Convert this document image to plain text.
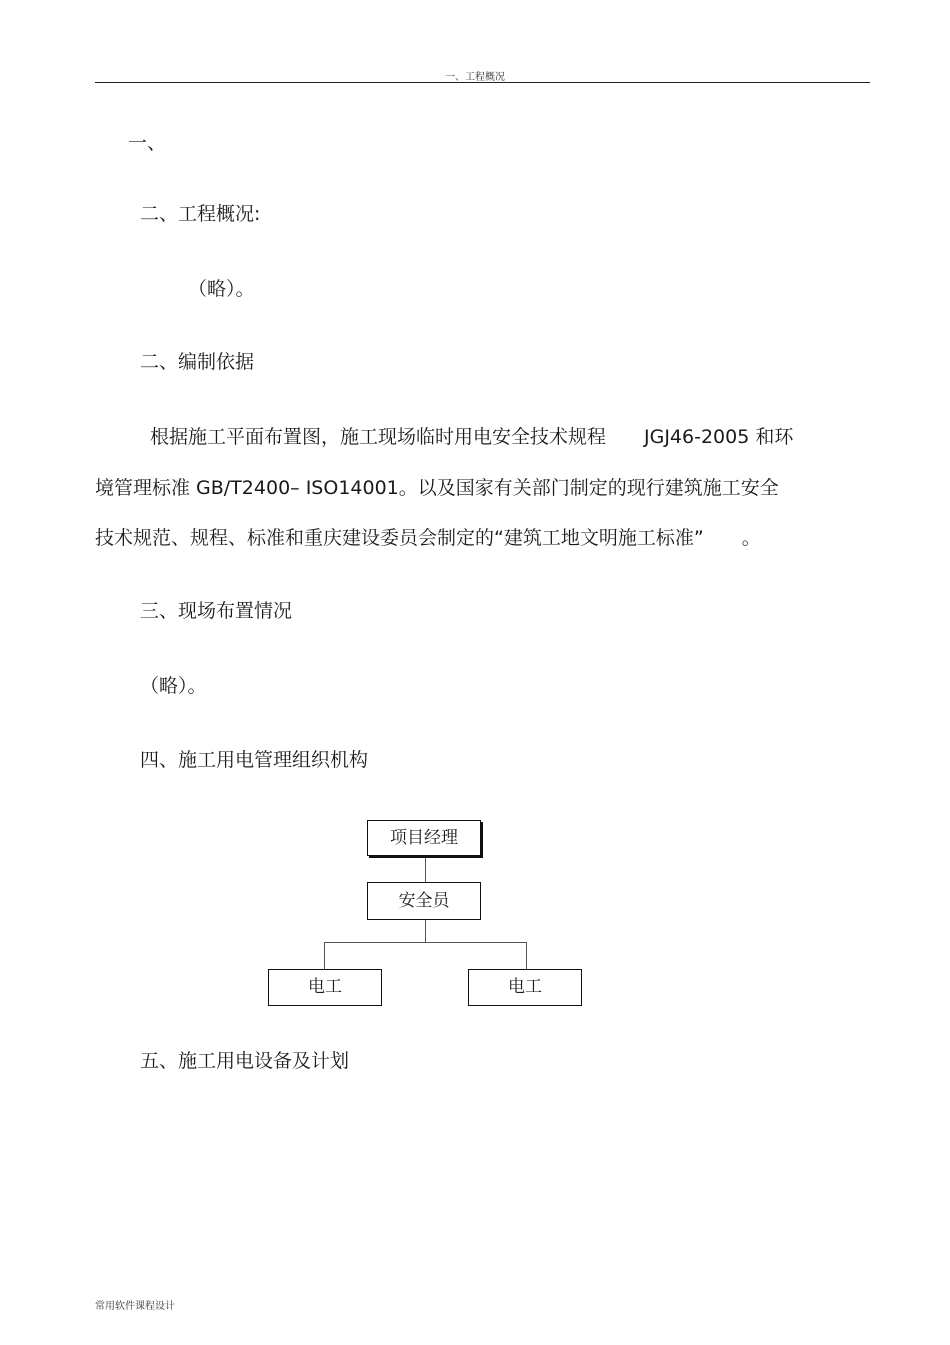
一、工程概况
一、
二、工程概况:
（略）。
二、编制依据
根据施工平面布置图，施工现场临时用电安全技术规程　　JGJ46-2005 和环
境管理标准 GB/T2400– ISO14001。以及国家有关部门制定的现行建筑施工安全
技术规范、规程、标准和重庆建设委员会制定的“建筑工地文明施工标准”　　。
三、现场布置情况
（略）。
四、施工用电管理组织机构
项目经理
安全员
电工	电工
五、施工用电设备及计划
常用软件课程设计
